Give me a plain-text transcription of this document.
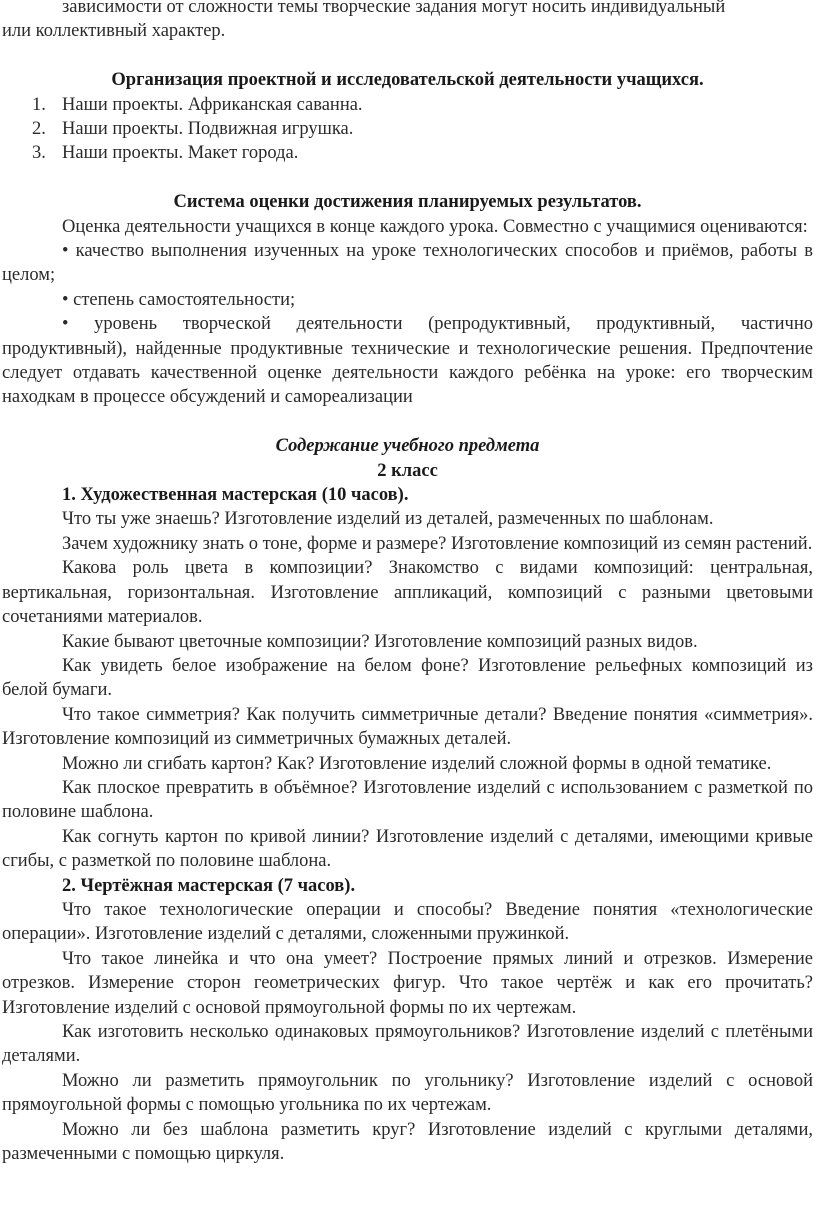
зависимости от сложности темы творческие задания могут носить индивидуальный

или коллективный характер.

Организация проектной и исследовательской деятельности учащихся.

1. Наши проекты. Африканская саванна.
2. Наши проекты. Подвижная игрушка.
3. Наши проекты. Макет города.

Система оценки достижения планируемых результатов.

Оценка деятельности учащихся в конце каждого урока. Совместно с учащимися оцениваются:

• качество выполнения изученных на уроке технологических способов и приёмов, работы в целом;

• степень самостоятельности;

• уровень творческой деятельности (репродуктивный, продуктивный, частично продуктивный), найденные продуктивные технические и технологические решения. Предпочтение следует отдавать качественной оценке деятельности каждого ребёнка на уроке: его творческим находкам в процессе обсуждений и самореализации

Содержание учебного предмета

2 класс

1. Художественная мастерская (10 часов).

Что ты уже знаешь? Изготовление изделий из деталей, размеченных по шаблонам.

Зачем художнику знать о тоне, форме и размере? Изготовление композиций из семян растений.

Какова роль цвета в композиции? Знакомство с видами композиций: центральная, вертикальная, горизонтальная. Изготовление аппликаций, композиций с разными цветовыми сочетаниями материалов.

Какие бывают цветочные композиции? Изготовление композиций разных видов.

Как увидеть белое изображение на белом фоне? Изготовление рельефных композиций из белой бумаги.

Что такое симметрия? Как получить симметричные детали? Введение понятия «симметрия». Изготовление композиций из симметричных бумажных деталей.

Можно ли сгибать картон? Как? Изготовление изделий сложной формы в одной тематике.

Как плоское превратить в объёмное? Изготовление изделий с использованием с разметкой по половине шаблона.

Как согнуть картон по кривой линии? Изготовление изделий с деталями, имеющими кривые сгибы, с разметкой по половине шаблона.

2. Чертёжная мастерская (7 часов).

Что такое технологические операции и способы? Введение понятия «технологические операции». Изготовление изделий с деталями, сложенными пружинкой.

Что такое линейка и что она умеет? Построение прямых линий и отрезков. Измерение отрезков. Измерение сторон геометрических фигур. Что такое чертёж и как его прочитать? Изготовление изделий с основой прямоугольной формы по их чертежам.

Как изготовить несколько одинаковых прямоугольников? Изготовление изделий с плетёными деталями.

Можно ли разметить прямоугольник по угольнику? Изготовление изделий с основой прямоугольной формы с помощью угольника по их чертежам.

Можно ли без шаблона разметить круг? Изготовление изделий с круглыми деталями, размеченными с помощью циркуля.
